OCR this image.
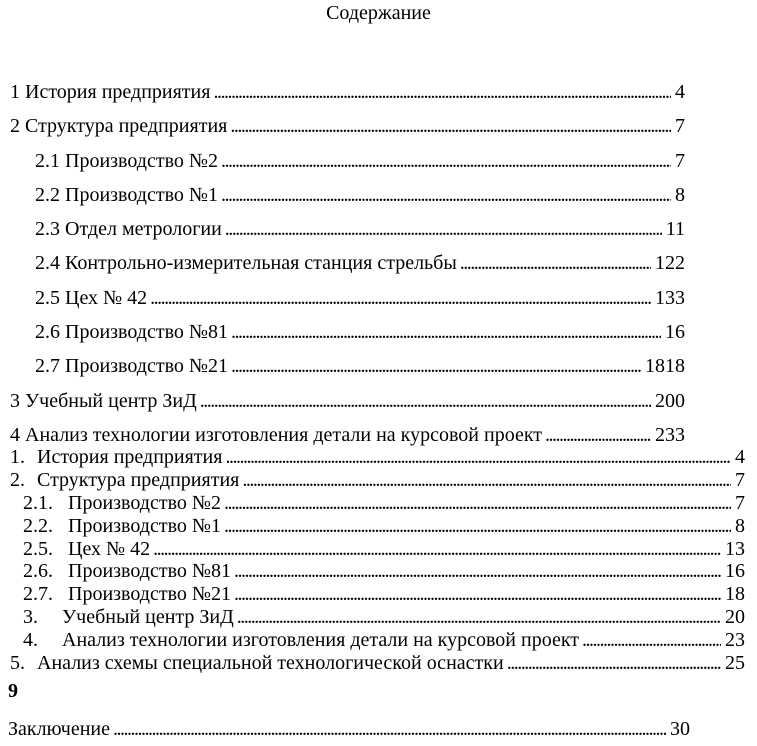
Содержание
1 История предприятия .....	4
2 Структура предприятия .....	7
2.1 Производство №2 .....	7
2.2 Производство №1 .....	8
2.3 Отдел метрологии .....	11
2.4 Контрольно-измерительная станция стрельбы .....	122
2.5 Цех № 42 .....	133
2.6 Производство №81 .....	16
2.7 Производство №21 .....	1818
3 Учебный центр ЗиД .....	200
4 Анализ технологии изготовления детали на курсовой проект .....	233
1. История предприятия .....	4
2. Структура предприятия .....	7
2.1. Производство №2 .....	7
2.2. Производство №1 .....	8
2.5. Цех № 42 .....	13
2.6. Производство №81 .....	16
2.7. Производство №21 .....	18
3.	Учебный центр ЗиД .....	20
4.	Анализ технологии изготовления детали на курсовой проект .....	23
5. Анализ схемы специальной технологической оснастки .....	25
9
Заключение .....	30
